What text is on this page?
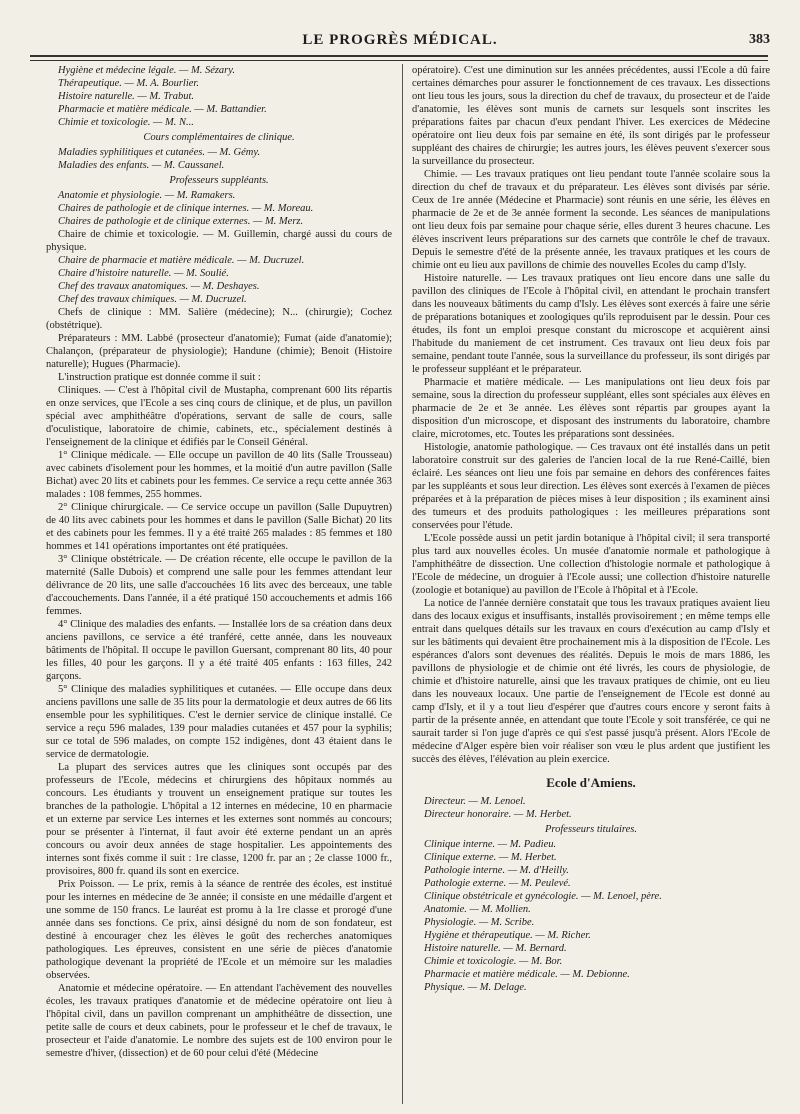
LE PROGRÈS MÉDICAL.	383

Hygiène et médecine légale. — M. Sézary.

Thérapeutique. — M. A. Bourlier.

Histoire naturelle. — M. Trabut.

Pharmacie et matière médicale. — M. Battandier.

Chimie et toxicologie. — M. N...

Cours complémentaires de clinique.

Maladies syphilitiques et cutanées. — M. Gémy.

Maladies des enfants. — M. Caussanel.

Professeurs suppléants.

Anatomie et physiologie. — M. Ramakers.

Chaires de pathologie et de clinique internes. — M. Moreau.

Chaires de pathologie et de clinique externes. — M. Merz.

Chaire de chimie et toxicologie. — M. Guillemin, chargé aussi du cours de physique.

Chaire de pharmacie et matière médicale. — M. Ducruzel.

Chaire d'histoire naturelle. — M. Soulié.

Chef des travaux anatomiques. — M. Deshayes.

Chef des travaux chimiques. — M. Ducruzel.

Chefs de clinique : MM. Salière (médecine); N... (chirurgie); Cochez (obstétrique).

Préparateurs : MM. Labbé (prosecteur d'anatomie); Fumat (aide d'anatomie); Chalançon, (préparateur de physiologie); Handune (chimie); Benoit (Histoire naturelle); Hugues (Pharmacie).

L'instruction pratique est donnée comme il suit :

Cliniques. — C'est à l'hôpital civil de Mustapha, comprenant 600 lits répartis en onze services, que l'Ecole a ses cinq cours de clinique, et de plus, un pavillon spécial avec amphithéâtre d'opérations, servant de salle de cours, salle d'oculistique, laboratoire de chimie, cabinets, etc., spécialement destinés à l'enseignement de la clinique et édifiés par le Conseil Général.

1° Clinique médicale. — Elle occupe un pavillon de 40 lits (Salle Trousseau) avec cabinets d'isolement pour les hommes, et la moitié d'un autre pavillon (Salle Bichat) avec 20 lits et cabinets pour les femmes. Ce service a reçu cette année 363 malades : 108 femmes, 255 hommes.

2° Clinique chirurgicale. — Ce service occupe un pavillon (Salle Dupuytren) de 40 lits avec cabinets pour les hommes et dans le pavillon (Salle Bichat) 20 lits et des cabinets pour les femmes. Il y a été traité 265 malades : 85 femmes et 180 hommes et 141 opérations importantes ont été pratiquées.

3° Clinique obstétricale. — De création récente, elle occupe le pavillon de la maternité (Salle Dubois) et comprend une salle pour les femmes attendant leur délivrance de 20 lits, une salle d'accouchées 16 lits avec des berceaux, une table d'accouchements. Dans l'année, il a été pratiqué 150 accouchements et admis 166 femmes.

4° Clinique des maladies des enfants. — Installée lors de sa création dans deux anciens pavillons, ce service a été tranféré, cette année, dans les nouveaux bâtiments de l'hôpital. Il occupe le pavillon Guersant, comprenant 80 lits, 40 pour les filles, 40 pour les garçons. Il y a été traité 405 enfants : 163 filles, 242 garçons.

5° Clinique des maladies syphilitiques et cutanées. — Elle occupe dans deux anciens pavillons une salle de 35 lits pour la dermatologie et deux autres de 66 lits ensemble pour les syphilitiques. C'est le dernier service de clinique installé. Ce service a reçu 596 malades, 139 pour maladies cutanées et 457 pour la syphilis; sur ce total de 596 malades, on compte 152 indigènes, dont 43 étaient dans le service de dermatologie.

La plupart des services autres que les cliniques sont occupés par des professeurs de l'Ecole, médecins et chirurgiens des hôpitaux nommés au concours. Les étudiants y trouvent un enseignement pratique sur toutes les branches de la pathologie. L'hôpital a 12 internes en médecine, 10 en pharmacie et un externe par service Les internes et les externes sont nommés au concours; pour se présenter à l'internat, il faut avoir été externe pendant un an après concours ou avoir deux années de stage hospitalier. Les appointements des internes sont fixés comme il suit : 1re classe, 1200 fr. par an ; 2e classe 1000 fr., provisoires, 800 fr. quand ils sont en exercice.

Prix Poisson. — Le prix, remis à la séance de rentrée des écoles, est institué pour les internes en médecine de 3e année; il consiste en une médaille d'argent et une somme de 150 francs. Le lauréat est promu à la 1re classe et prorogé d'une année dans ses fonctions. Ce prix, ainsi désigné du nom de son fondateur, est destiné à encourager chez les élèves le goût des recherches anatomiques pathologiques. Les épreuves, consistent en une série de pièces d'anatomie pathologique devenant la propriété de l'Ecole et un mémoire sur les maladies observées.

Anatomie et médecine opératoire. — En attendant l'achèvement des nouvelles écoles, les travaux pratiques d'anatomie et de médecine opératoire ont lieu à l'hôpital civil, dans un pavillon comprenant un amphithéâtre de dissection, une petite salle de cours et deux cabinets, pour le professeur et le chef de travaux, le prosecteur et l'aide d'anatomie. Le nombre des sujets est de 100 environ pour le semestre d'hiver, (dissection) et de 60 pour celui d'été (Médecine

opératoire). C'est une diminution sur les années précédentes, aussi l'Ecole a dû faire certaines démarches pour assurer le fonctionnement de ces travaux. Les dissections ont lieu tous les jours, sous la direction du chef de travaux, du prosecteur et de l'aide d'anatomie, les élèves sont munis de carnets sur lesquels sont inscrites les préparations faites par chacun d'eux pendant l'hiver. Les exercices de Médecine opératoire ont lieu deux fois par semaine en été, ils sont dirigés par le professeur suppléant des chaires de chirurgie; les autres jours, les élèves peuvent s'exercer sous la surveillance du prosecteur.

Chimie. — Les travaux pratiques ont lieu pendant toute l'année scolaire sous la direction du chef de travaux et du préparateur. Les élèves sont divisés par série. Ceux de 1re année (Médecine et Pharmacie) sont réunis en une série, les élèves en pharmacie de 2e et de 3e année forment la seconde. Les séances de manipulations ont lieu deux fois par semaine pour chaque série, elles durent 3 heures chacune. Les élèves inscrivent leurs préparations sur des carnets que contrôle le chef de travaux. Depuis le semestre d'été de la présente année, les travaux pratiques et les cours de chimie ont eu lieu aux pavillons de chimie des nouvelles Ecoles du camp d'Isly.

Histoire naturelle. — Les travaux pratiques ont lieu encore dans une salle du pavillon des cliniques de l'Ecole à l'hôpital civil, en attendant le prochain transfert dans les nouveaux bâtiments du camp d'Isly. Les élèves sont exercés à faire une série de préparations botaniques et zoologiques qu'ils reproduisent par le dessin. Pour ces études, ils font un emploi presque constant du microscope et acquièrent ainsi l'habitude du maniement de cet instrument. Ces travaux ont lieu deux fois par semaine, pendant toute l'année, sous la surveillance du professeur, ils sont dirigés par le professeur suppléant et le préparateur.

Pharmacie et matière médicale. — Les manipulations ont lieu deux fois par semaine, sous la direction du professeur suppléant, elles sont spéciales aux élèves en pharmacie de 2e et 3e année. Les élèves sont répartis par groupes ayant la disposition d'un microscope, et disposant des instruments du laboratoire, chambre claire, microtomes, etc. Toutes les préparations sont dessinées.

Histologie, anatomie pathologique. — Ces travaux ont été installés dans un petit laboratoire construit sur des galeries de l'ancien local de la rue René-Caillé, bien éclairé. Les séances ont lieu une fois par semaine en dehors des conférences faites par les suppléants et sous leur direction. Les élèves sont exercés à l'examen de pièces préparées et à la préparation de pièces mises à leur disposition ; ils examinent ainsi des tumeurs et des produits pathologiques : les meilleures préparations sont conservées pour l'étude.

L'Ecole possède aussi un petit jardin botanique à l'hôpital civil; il sera transporté plus tard aux nouvelles écoles. Un musée d'anatomie normale et pathologique à l'amphithéâtre de dissection. Une collection d'histologie normale et pathologique à l'Ecole de médecine, un droguier à l'Ecole aussi; une collection d'histoire naturelle (zoologie et botanique) au pavillon de l'Ecole à l'hôpital et à l'Ecole.

La notice de l'année dernière constatait que tous les travaux pratiques avaient lieu dans des locaux exigus et insuffisants, installés provisoirement ; en même temps elle entrait dans quelques détails sur les travaux en cours d'exécution au camp d'Isly et sur les bâtiments qui devaient être prochainement mis à la disposition de l'Ecole. Les espérances d'alors sont devenues des réalités. Depuis le mois de mars 1886, les pavillons de physiologie et de chimie ont été livrés, les cours de physiologie, de chimie et d'histoire naturelle, ainsi que les travaux pratiques de chimie, ont eu lieu dans les nouveaux locaux. Une partie de l'enseignement de l'Ecole est donné au camp d'Isly, et il y a tout lieu d'espérer que d'autres cours encore y seront faits à partir de la présente année, en attendant que toute l'Ecole y soit transférée, ce qui ne saurait tarder si l'on juge d'après ce qui s'est passé jusqu'à présent. Alors l'Ecole de médecine d'Alger espère bien voir réaliser son vœu le plus ardent que justifient les succès des élèves, l'élévation au plein exercice.

Ecole d'Amiens.

Directeur. — M. Lenoel.

Directeur honoraire. — M. Herbet.

Professeurs titulaires.

Clinique interne. — M. Padieu.

Clinique externe. — M. Herbet.

Pathologie interne. — M. d'Heilly.

Pathologie externe. — M. Peulevé.

Clinique obstétricale et gynécologie. — M. Lenoel, père.

Anatomie. — M. Mollien.

Physiologie. — M. Scribe.

Hygiène et thérapeutique. — M. Richer.

Histoire naturelle. — M. Bernard.

Chimie et toxicologie. — M. Bor.

Pharmacie et matière médicale. — M. Debionne.

Physique. — M. Delage.
